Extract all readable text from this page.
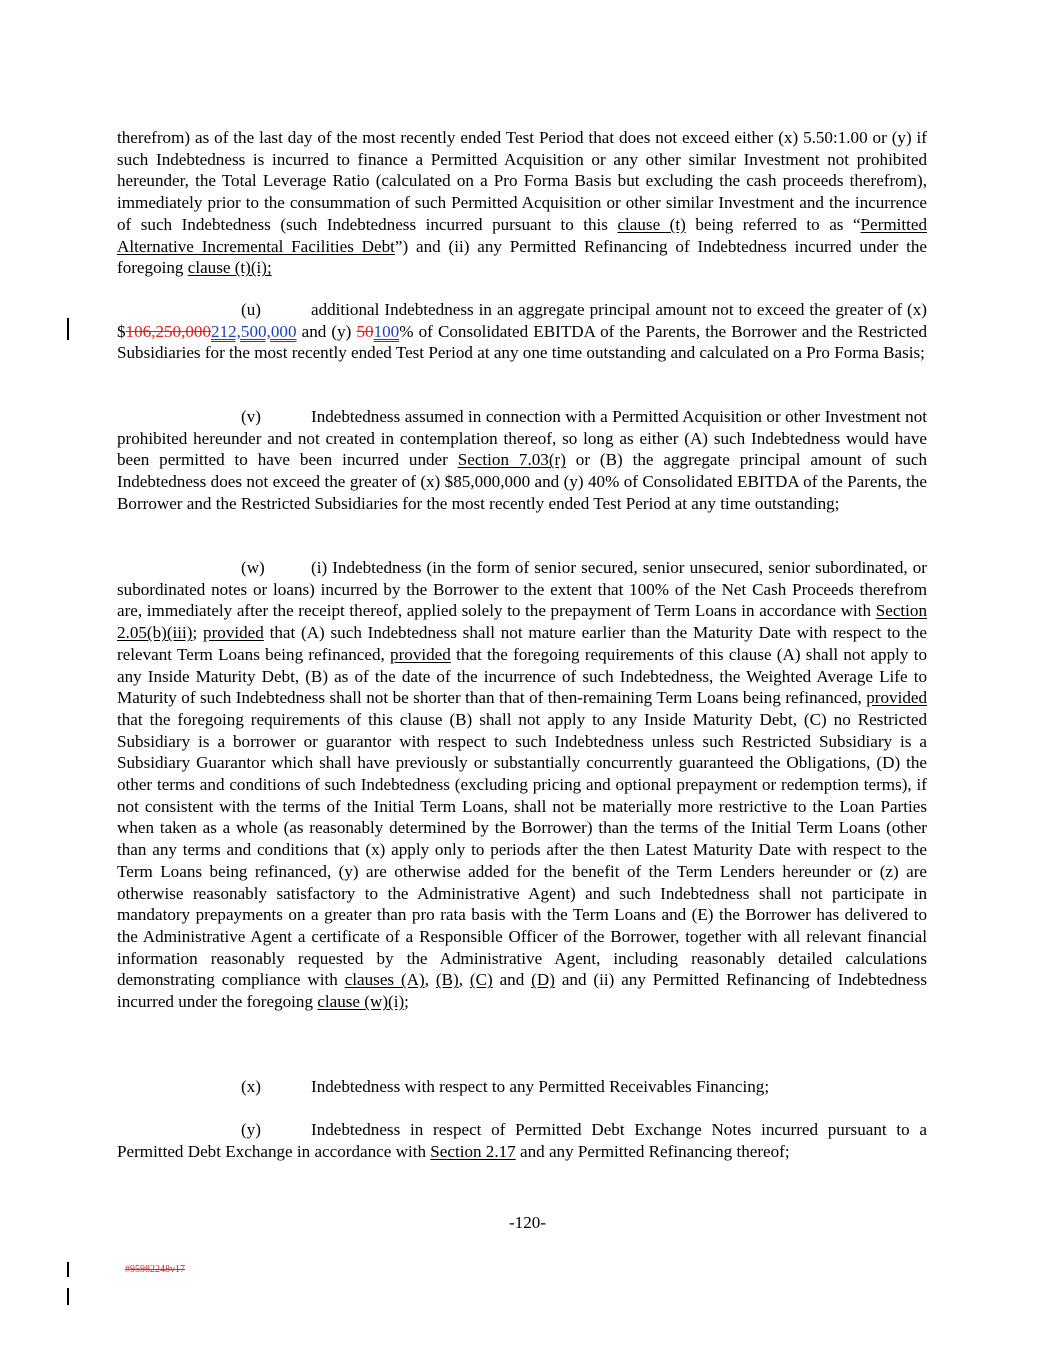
therefrom) as of the last day of the most recently ended Test Period that does not exceed either (x) 5.50:1.00 or (y) if such Indebtedness is incurred to finance a Permitted Acquisition or any other similar Investment not prohibited hereunder, the Total Leverage Ratio (calculated on a Pro Forma Basis but excluding the cash proceeds therefrom), immediately prior to the consummation of such Permitted Acquisition or other similar Investment and the incurrence of such Indebtedness (such Indebtedness incurred pursuant to this clause (t) being referred to as “Permitted Alternative Incremental Facilities Debt”) and (ii) any Permitted Refinancing of Indebtedness incurred under the foregoing clause (t)(i);

(u)	additional Indebtedness in an aggregate principal amount not to exceed the greater of (x) $106,250,000212,500,000 and (y) 50100% of Consolidated EBITDA of the Parents, the Borrower and the Restricted Subsidiaries for the most recently ended Test Period at any one time outstanding and calculated on a Pro Forma Basis;

(v)	Indebtedness assumed in connection with a Permitted Acquisition or other Investment not prohibited hereunder and not created in contemplation thereof, so long as either (A) such Indebtedness would have been permitted to have been incurred under Section 7.03(r) or (B) the aggregate principal amount of such Indebtedness does not exceed the greater of (x) $85,000,000 and (y) 40% of Consolidated EBITDA of the Parents, the Borrower and the Restricted Subsidiaries for the most recently ended Test Period at any time outstanding;

(w)	(i) Indebtedness (in the form of senior secured, senior unsecured, senior subordinated, or subordinated notes or loans) incurred by the Borrower to the extent that 100% of the Net Cash Proceeds therefrom are, immediately after the receipt thereof, applied solely to the prepayment of Term Loans in accordance with Section 2.05(b)(iii); provided that (A) such Indebtedness shall not mature earlier than the Maturity Date with respect to the relevant Term Loans being refinanced, provided that the foregoing requirements of this clause (A) shall not apply to any Inside Maturity Debt, (B) as of the date of the incurrence of such Indebtedness, the Weighted Average Life to Maturity of such Indebtedness shall not be shorter than that of then-remaining Term Loans being refinanced, provided that the foregoing requirements of this clause (B) shall not apply to any Inside Maturity Debt, (C) no Restricted Subsidiary is a borrower or guarantor with respect to such Indebtedness unless such Restricted Subsidiary is a Subsidiary Guarantor which shall have previously or substantially concurrently guaranteed the Obligations, (D) the other terms and conditions of such Indebtedness (excluding pricing and optional prepayment or redemption terms), if not consistent with the terms of the Initial Term Loans, shall not be materially more restrictive to the Loan Parties when taken as a whole (as reasonably determined by the Borrower) than the terms of the Initial Term Loans (other than any terms and conditions that (x) apply only to periods after the then Latest Maturity Date with respect to the Term Loans being refinanced, (y) are otherwise added for the benefit of the Term Lenders hereunder or (z) are otherwise reasonably satisfactory to the Administrative Agent) and such Indebtedness shall not participate in mandatory prepayments on a greater than pro rata basis with the Term Loans and (E) the Borrower has delivered to the Administrative Agent a certificate of a Responsible Officer of the Borrower, together with all relevant financial information reasonably requested by the Administrative Agent, including reasonably detailed calculations demonstrating compliance with clauses (A), (B), (C) and (D) and (ii) any Permitted Refinancing of Indebtedness incurred under the foregoing clause (w)(i);

(x)	Indebtedness with respect to any Permitted Receivables Financing;

(y)	Indebtedness in respect of Permitted Debt Exchange Notes incurred pursuant to a Permitted Debt Exchange in accordance with Section 2.17 and any Permitted Refinancing thereof;

-120-
#95982248v17
